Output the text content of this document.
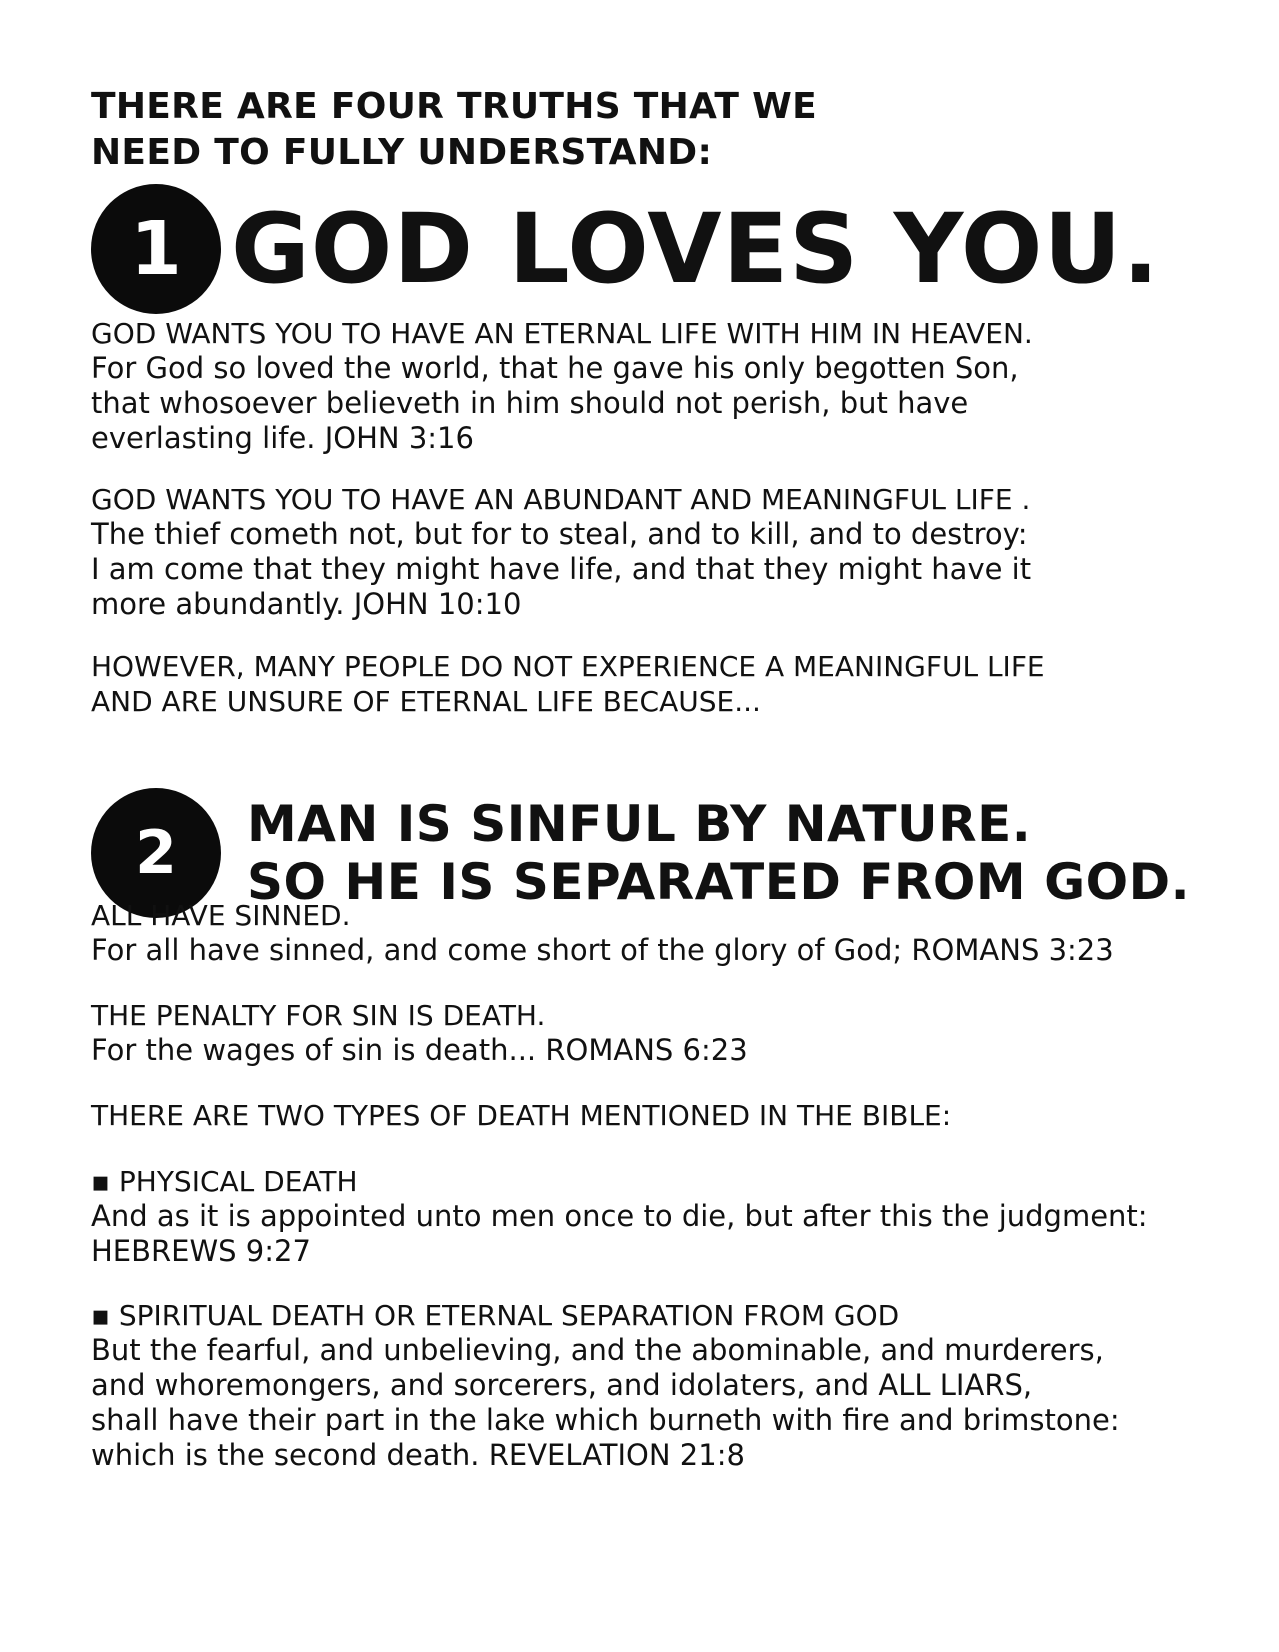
THERE ARE FOUR TRUTHS THAT WE
NEED TO FULLY UNDERSTAND:
1 GOD LOVES YOU.
GOD WANTS YOU TO HAVE AN ETERNAL LIFE WITH HIM IN HEAVEN.
For God so loved the world, that he gave his only begotten Son,
that whosoever believeth in him should not perish, but have
everlasting life. JOHN 3:16
GOD WANTS YOU TO HAVE AN ABUNDANT AND MEANINGFUL LIFE .
The thief cometh not, but for to steal, and to kill, and to destroy:
I am come that they might have life, and that they might have it
more abundantly. JOHN 10:10
HOWEVER, MANY PEOPLE DO NOT EXPERIENCE A MEANINGFUL LIFE
AND ARE UNSURE OF ETERNAL LIFE BECAUSE...
2	MAN IS SINFUL BY NATURE.
SO HE IS SEPARATED FROM GOD.
ALL HAVE SINNED.
For all have sinned, and come short of the glory of God; ROMANS 3:23
THE PENALTY FOR SIN IS DEATH.
For the wages of sin is death... ROMANS 6:23
THERE ARE TWO TYPES OF DEATH MENTIONED IN THE BIBLE:
▪ PHYSICAL DEATH
And as it is appointed unto men once to die, but after this the judgment:
HEBREWS 9:27
▪ SPIRITUAL DEATH OR ETERNAL SEPARATION FROM GOD
But the fearful, and unbelieving, and the abominable, and murderers,
and whoremongers, and sorcerers, and idolaters, and ALL LIARS,
shall have their part in the lake which burneth with fire and brimstone:
which is the second death. REVELATION 21:8
